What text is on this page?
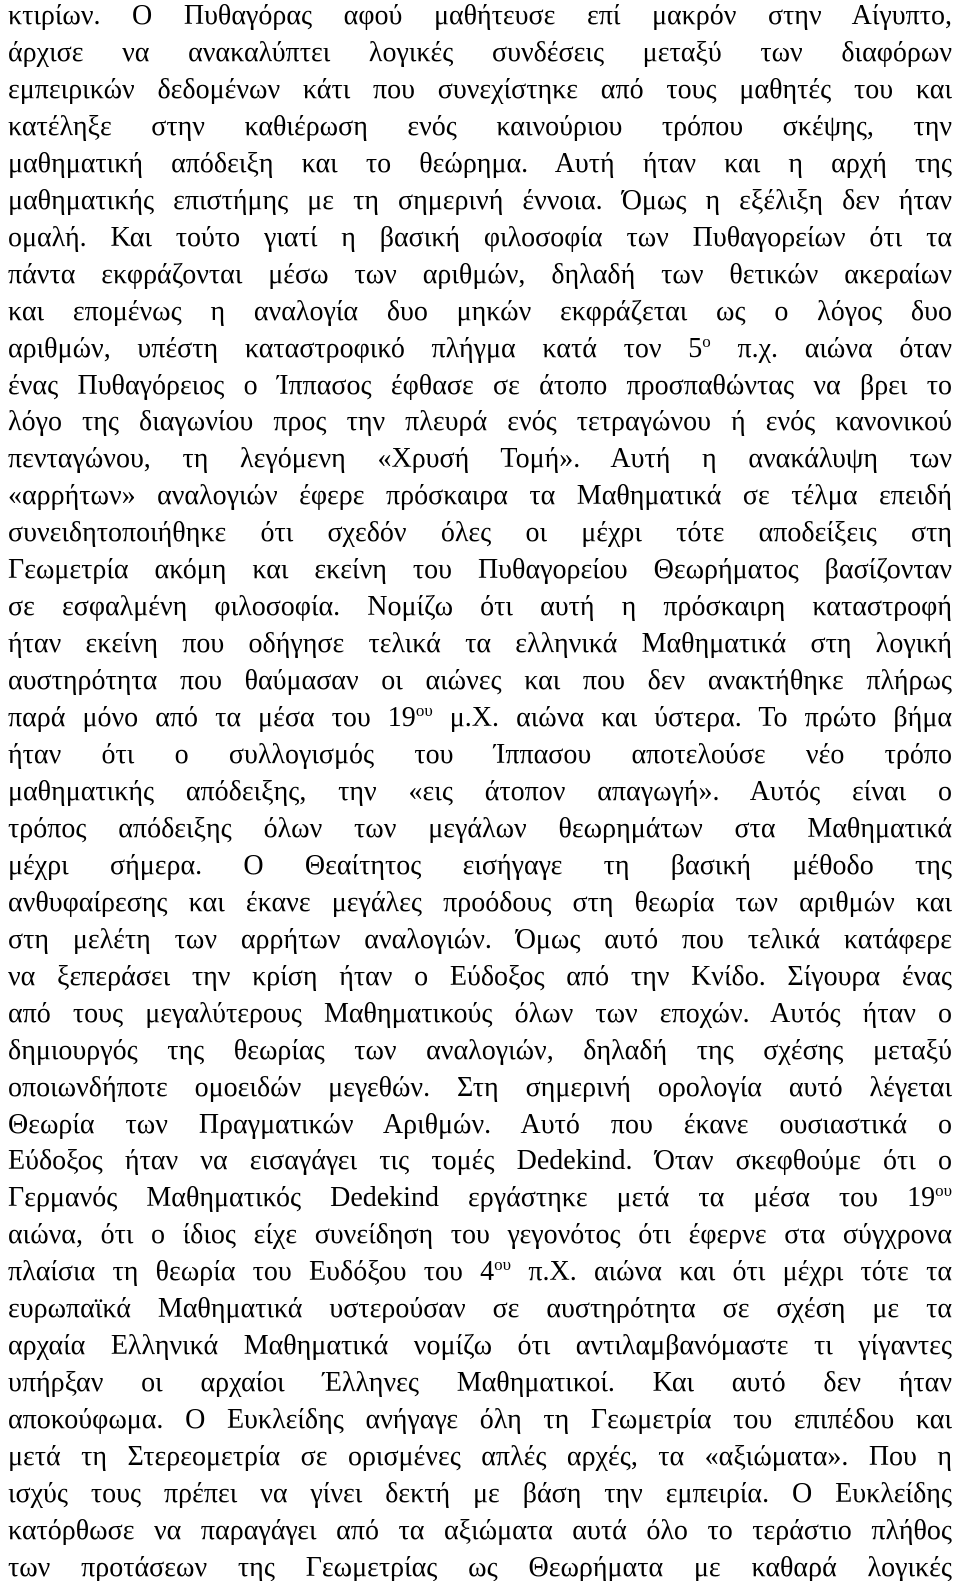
κτιρίων. Ο Πυθαγόρας αφού μαθήτευσε επί μακρόν στην Αίγυπτο,
άρχισε να ανακαλύπτει λογικές συνδέσεις μεταξύ των διαφόρων
εμπειρικών δεδομένων κάτι που συνεχίστηκε από τους μαθητές του και
κατέληξε στην καθιέρωση ενός καινούριου τρόπου σκέψης, την
μαθηματική απόδειξη και το θεώρημα. Αυτή ήταν και η αρχή της
μαθηματικής επιστήμης με τη σημερινή έννοια. Όμως η εξέλιξη δεν ήταν
ομαλή. Και τούτο γιατί η βασική φιλοσοφία των Πυθαγορείων ότι τα
πάντα εκφράζονται μέσω των αριθμών, δηλαδή των θετικών ακεραίων
και επομένως η αναλογία δυο μηκών εκφράζεται ως ο λόγος δυο
αριθμών, υπέστη καταστροφικό πλήγμα κατά τον $5^o$ π.χ. αιώνα όταν
ένας Πυθαγόρειος ο Ίππασος έφθασε σε άτοπο προσπαθώντας να βρει το
λόγο της διαγωνίου προς την πλευρά ενός τετραγώνου ή ενός κανονικού
πενταγώνου, τη λεγόμενη «Χρυσή Τομή». Αυτή η ανακάλυψη των
«αρρήτων» αναλογιών έφερε πρόσκαιρα τα Μαθηματικά σε τέλμα επειδή
συνειδητοποιήθηκε ότι σχεδόν όλες οι μέχρι τότε αποδείξεις στη
Γεωμετρία ακόμη και εκείνη του Πυθαγορείου Θεωρήματος βασίζονταν
σε εσφαλμένη φιλοσοφία. Νομίζω ότι αυτή η πρόσκαιρη καταστροφή
ήταν εκείνη που οδήγησε τελικά τα ελληνικά Μαθηματικά στη λογική
αυστηρότητα που θαύμασαν οι αιώνες και που δεν ανακτήθηκε πλήρως
παρά μόνο από τα μέσα του $19^{o\upsilon}$ μ.Χ. αιώνα και ύστερα. Το πρώτο βήμα
ήταν ότι ο συλλογισμός του Ίππασου αποτελούσε νέο τρόπο
μαθηματικής απόδειξης, την «εις άτοπον απαγωγή». Αυτός είναι ο
τρόπος απόδειξης όλων των μεγάλων θεωρημάτων στα Μαθηματικά
μέχρι σήμερα. Ο Θεαίτητος εισήγαγε τη βασική μέθοδο της
ανθυφαίρεσης και έκανε μεγάλες προόδους στη θεωρία των αριθμών και
στη μελέτη των αρρήτων αναλογιών. Όμως αυτό που τελικά κατάφερε
να ξεπεράσει την κρίση ήταν ο Εύδοξος από την Κνίδο. Σίγουρα ένας
από τους μεγαλύτερους Μαθηματικούς όλων των εποχών. Αυτός ήταν ο
δημιουργός της θεωρίας των αναλογιών, δηλαδή της σχέσης μεταξύ
οποιωνδήποτε ομοειδών μεγεθών. Στη σημερινή ορολογία αυτό λέγεται
Θεωρία των Πραγματικών Αριθμών. Αυτό που έκανε ουσιαστικά ο
Εύδοξος ήταν να εισαγάγει τις τομές Dedekind. Όταν σκεφθούμε ότι ο
Γερμανός Μαθηματικός Dedekind εργάστηκε μετά τα μέσα του $19^{o\upsilon}$
αιώνα, ότι ο ίδιος είχε συνείδηση του γεγονότος ότι έφερνε στα σύγχρονα
πλαίσια τη θεωρία του Ευδόξου του $4^{o\upsilon}$ π.Χ. αιώνα και ότι μέχρι τότε τα
ευρωπαϊκά Μαθηματικά υστερούσαν σε αυστηρότητα σε σχέση με τα
αρχαία Ελληνικά Μαθηματικά νομίζω ότι αντιλαμβανόμαστε τι γίγαντες
υπήρξαν οι αρχαίοι Έλληνες Μαθηματικοί. Και αυτό δεν ήταν
αποκούφωμα. Ο Ευκλείδης ανήγαγε όλη τη Γεωμετρία του επιπέδου και
μετά τη Στερεομετρία σε ορισμένες απλές αρχές, τα «αξιώματα». Που η
ισχύς τους πρέπει να γίνει δεκτή με βάση την εμπειρία. Ο Ευκλείδης
κατόρθωσε να παραγάγει από τα αξιώματα αυτά όλο το τεράστιο πλήθος
των προτάσεων της Γεωμετρίας ως Θεωρήματα με καθαρά λογικές
